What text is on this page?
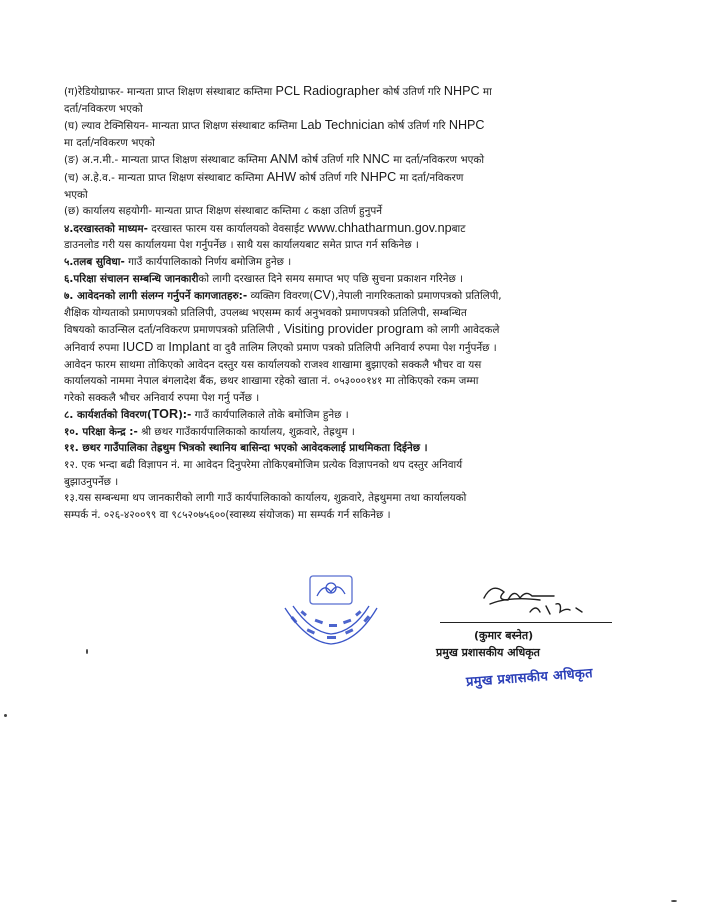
(ग)रेडियोग्राफर- मान्यता प्राप्त शिक्षण संस्थाबाट कम्तिमा PCL Radiographer कोर्ष उतिर्ण गरि NHPC मा

दर्ता/नविकरण भएको

(घ) ल्याव टेक्निसियन- मान्यता प्राप्त शिक्षण संस्थाबाट कम्तिमा Lab Technician कोर्ष उतिर्ण गरि NHPC

मा दर्ता/नविकरण भएको

(ङ) अ.न.मी.- मान्यता प्राप्त शिक्षण संस्थाबाट कम्तिमा ANM कोर्ष उतिर्ण गरि NNC मा दर्ता/नविकरण भएको

(च) अ.हे.व.- मान्यता प्राप्त शिक्षण संस्थाबाट कम्तिमा AHW कोर्ष उतिर्ण गरि NHPC मा दर्ता/नविकरण

भएको

(छ) कार्यालय सहयोगी- मान्यता प्राप्त शिक्षण संस्थाबाट कम्तिमा ८ कक्षा उतिर्ण हुनुपर्ने

४.दरखास्तको माध्यम- दरखास्त फारम यस कार्यालयको वेवसाईट www.chhatharmun.gov.npबाट

डाउनलोड गरी यस कार्यालयमा पेश गर्नुपर्नेछ । साथै यस कार्यालयबाट समेत प्राप्त गर्न सकिनेछ ।

५.तलब सुविधा- गाउँ कार्यपालिकाको निर्णय बमोजिम हुनेछ ।

६.परिक्षा संचालन सम्बन्धि जानकारीको लागी दरखास्त दिने समय समाप्त भए पछि सुचना प्रकाशन गरिनेछ ।

७. आवेदनको लागी संलग्न गर्नुपर्ने कागजातहरु:- व्यक्तिग विवरण(CV),नेपाली नागरिकताको प्रमाणपत्रको प्रतिलिपी,

शैक्षिक योग्यताको प्रमाणपत्रको प्रतिलिपी, उपलब्ध भएसम्म कार्य अनुभवको प्रमाणपत्रको प्रतिलिपी, सम्बन्धित

विषयको काउन्सिल दर्ता/नविकरण प्रमाणपत्रको प्रतिलिपी , Visiting provider program को लागी आवेदकले

अनिवार्य रुपमा IUCD वा Implant वा दुवै तालिम लिएको प्रमाण पत्रको प्रतिलिपी अनिवार्य रुपमा पेश गर्नुपर्नेछ ।

आवेदन फारम साथमा तोकिएको आवेदन दस्तुर यस कार्यालयको राजश्व शाखामा बुझाएको सक्कलै भौचर वा यस

कार्यालयको नाममा नेपाल बंगलादेश बैंक, छथर शाखामा रहेको खाता नं. ०५३०००१४१ मा तोकिएको रकम जम्मा

गरेको सक्कलै भौचर अनिवार्य रुपमा पेश गर्नु पर्नेछ ।

८. कार्यशर्तको विवरण(TOR):- गाउँ कार्यपालिकाले तोके बमोजिम हुनेछ ।

१०. परिक्षा केन्द्र :- श्री छथर गाउँकार्यपालिकाको कार्यालय, शुक्रवारे, तेह्रथुम ।

११. छथर गाउँपालिका तेह्रथुम भित्रको स्थानिय बासिन्दा भएको आवेदकलाई प्राथमिकता दिईनेछ ।

१२. एक भन्दा बढी विज्ञापन नं. मा आवेदन दिनुपरेमा तोकिएबमोजिम प्रत्येक विज्ञापनको थप दस्तुर अनिवार्य

बुझाउनुपर्नेछ ।

१३.यस सम्बन्धमा थप जानकारीको लागी गाउँ कार्यपालिकाको कार्यालय, शुक्रवारे, तेह्रथुममा तथा कार्यालयको

सम्पर्क नं. ०२६-४२००९९ वा ९८५२०७५६००(स्वास्थ्य संयोजक) मा सम्पर्क गर्न सकिनेछ ।

(कुमार बस्नेत)
प्रमुख प्रशासकीय अधिकृत
प्रमुख प्रशासकीय अधिकृत
